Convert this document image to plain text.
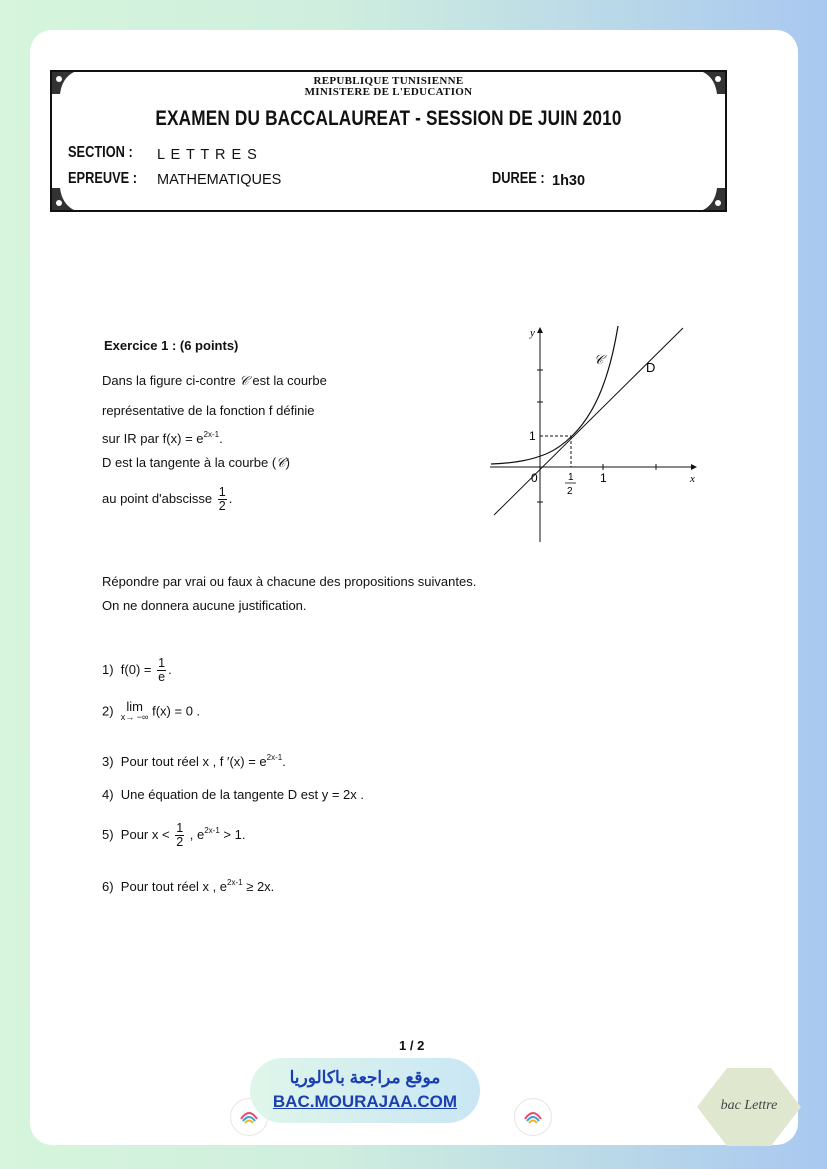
REPUBLIQUE TUNISIENNE
MINISTERE DE L'EDUCATION
EXAMEN DU BACCALAUREAT - SESSION DE JUIN 2010
SECTION : L E T T R E S
EPREUVE : MATHEMATIQUES	DUREE : 1h30
Exercice 1 : (6 points)
Dans la figure ci-contre 𝒞 est la courbe
représentative de la fonction f définie
sur IR par $f(x) = e^{2x-1}$.
D est la tangente à la courbe (𝒞)
au point d'abscisse $\frac{1}{2}$ .
y
x
𝒞
D
0
1
1
1
2
Répondre par vrai ou faux à chacune des propositions suivantes.
On ne donnera aucune justification.
1) $f(0) = \frac{1}{e}$ .
2) lim
x→ −∞ f(x) = 0 .
3) Pour tout réel x , f $'(x) = e^{2x-1}$.
4) Une équation de la tangente D est y = 2x .
5) Pour $x < \frac{1}{2}$ , $e^{2x-1} > 1$.
6) Pour tout réel x , $e^{2x-1} \ge 2x$.
1 / 2
موقع مراجعة باكالوريا
BAC.MOURAJAA.COM	bac Lettre
